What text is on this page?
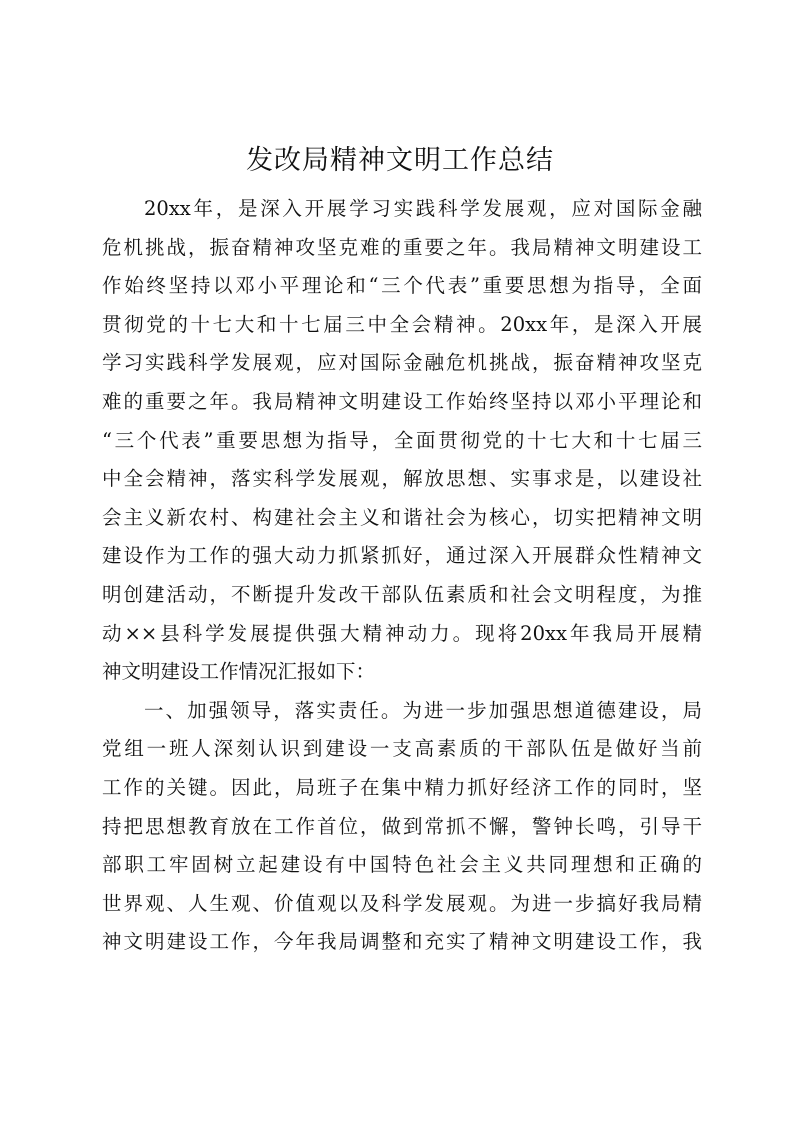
发改局精神文明工作总结
20xx年，是深入开展学习实践科学发展观，应对国际金融
危机挑战，振奋精神攻坚克难的重要之年。我局精神文明建设工
作始终坚持以邓小平理论和“三个代表”重要思想为指导，全面
贯彻党的十七大和十七届三中全会精神。20xx年，是深入开展
学习实践科学发展观，应对国际金融危机挑战，振奋精神攻坚克
难的重要之年。我局精神文明建设工作始终坚持以邓小平理论和
“三个代表”重要思想为指导，全面贯彻党的十七大和十七届三
中全会精神，落实科学发展观，解放思想、实事求是，以建设社
会主义新农村、构建社会主义和谐社会为核心，切实把精神文明
建设作为工作的强大动力抓紧抓好，通过深入开展群众性精神文
明创建活动，不断提升发改干部队伍素质和社会文明程度，为推
动××县科学发展提供强大精神动力。现将20xx年我局开展精
神文明建设工作情况汇报如下：
一、加强领导，落实责任。为进一步加强思想道德建设，局
党组一班人深刻认识到建设一支高素质的干部队伍是做好当前
工作的关键。因此，局班子在集中精力抓好经济工作的同时，坚
持把思想教育放在工作首位，做到常抓不懈，警钟长鸣，引导干
部职工牢固树立起建设有中国特色社会主义共同理想和正确的
世界观、人生观、价值观以及科学发展观。为进一步搞好我局精
神文明建设工作，今年我局调整和充实了精神文明建设工作，我
